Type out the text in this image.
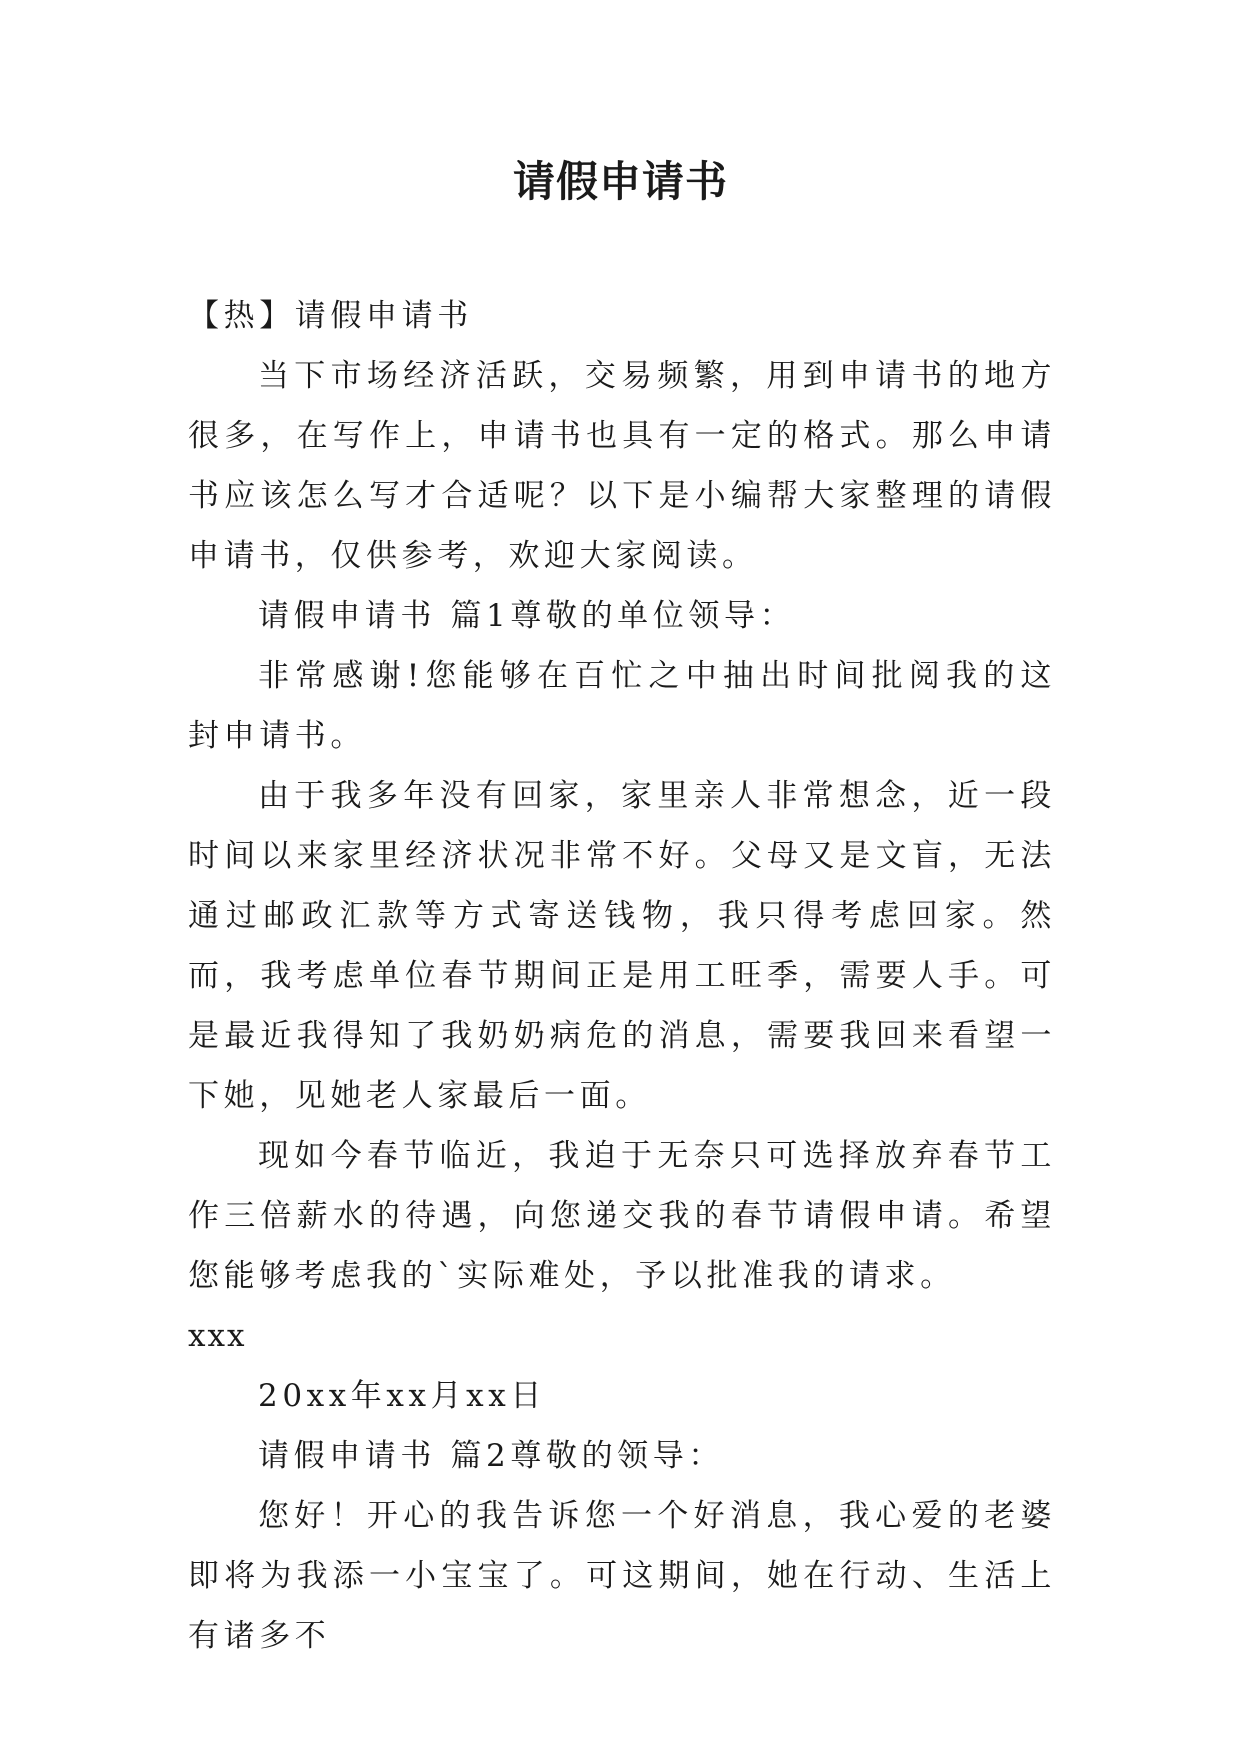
请假申请书

【热】请假申请书

当下市场经济活跃，交易频繁，用到申请书的地方很多，在写作上，申请书也具有一定的格式。那么申请书应该怎么写才合适呢？以下是小编帮大家整理的请假申请书，仅供参考，欢迎大家阅读。

请假申请书 篇1尊敬的单位领导：

非常感谢!您能够在百忙之中抽出时间批阅我的这封申请书。

由于我多年没有回家，家里亲人非常想念，近一段时间以来家里经济状况非常不好。父母又是文盲，无法通过邮政汇款等方式寄送钱物，我只得考虑回家。然而，我考虑单位春节期间正是用工旺季，需要人手。可是最近我得知了我奶奶病危的消息，需要我回来看望一下她，见她老人家最后一面。

现如今春节临近，我迫于无奈只可选择放弃春节工作三倍薪水的待遇，向您递交我的春节请假申请。希望您能够考虑我的`实际难处，予以批准我的请求。

xxx

20xx年xx月xx日

请假申请书 篇2尊敬的领导：

您好！开心的我告诉您一个好消息，我心爱的老婆即将为我添一小宝宝了。可这期间，她在行动、生活上有诸多不
